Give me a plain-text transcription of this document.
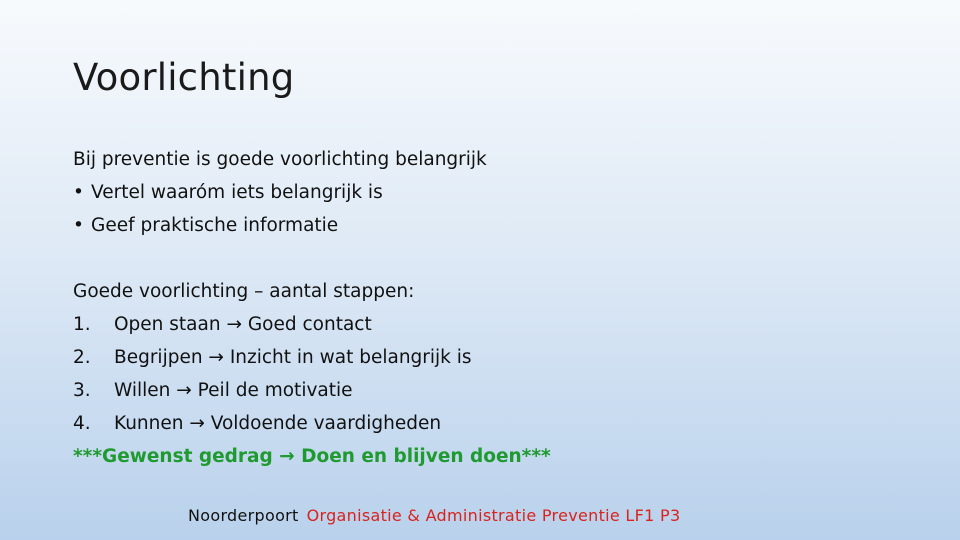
Voorlichting
Bij preventie is goede voorlichting belangrijk
• Vertel waaróm iets belangrijk is
• Geef praktische informatie
Goede voorlichting – aantal stappen:
1. Open staan → Goed contact
2. Begrijpen → Inzicht in wat belangrijk is
3. Willen → Peil de motivatie
4. Kunnen → Voldoende vaardigheden
***Gewenst gedrag → Doen en blijven doen***
Noorderpoort Organisatie & Administratie Preventie LF1 P3
